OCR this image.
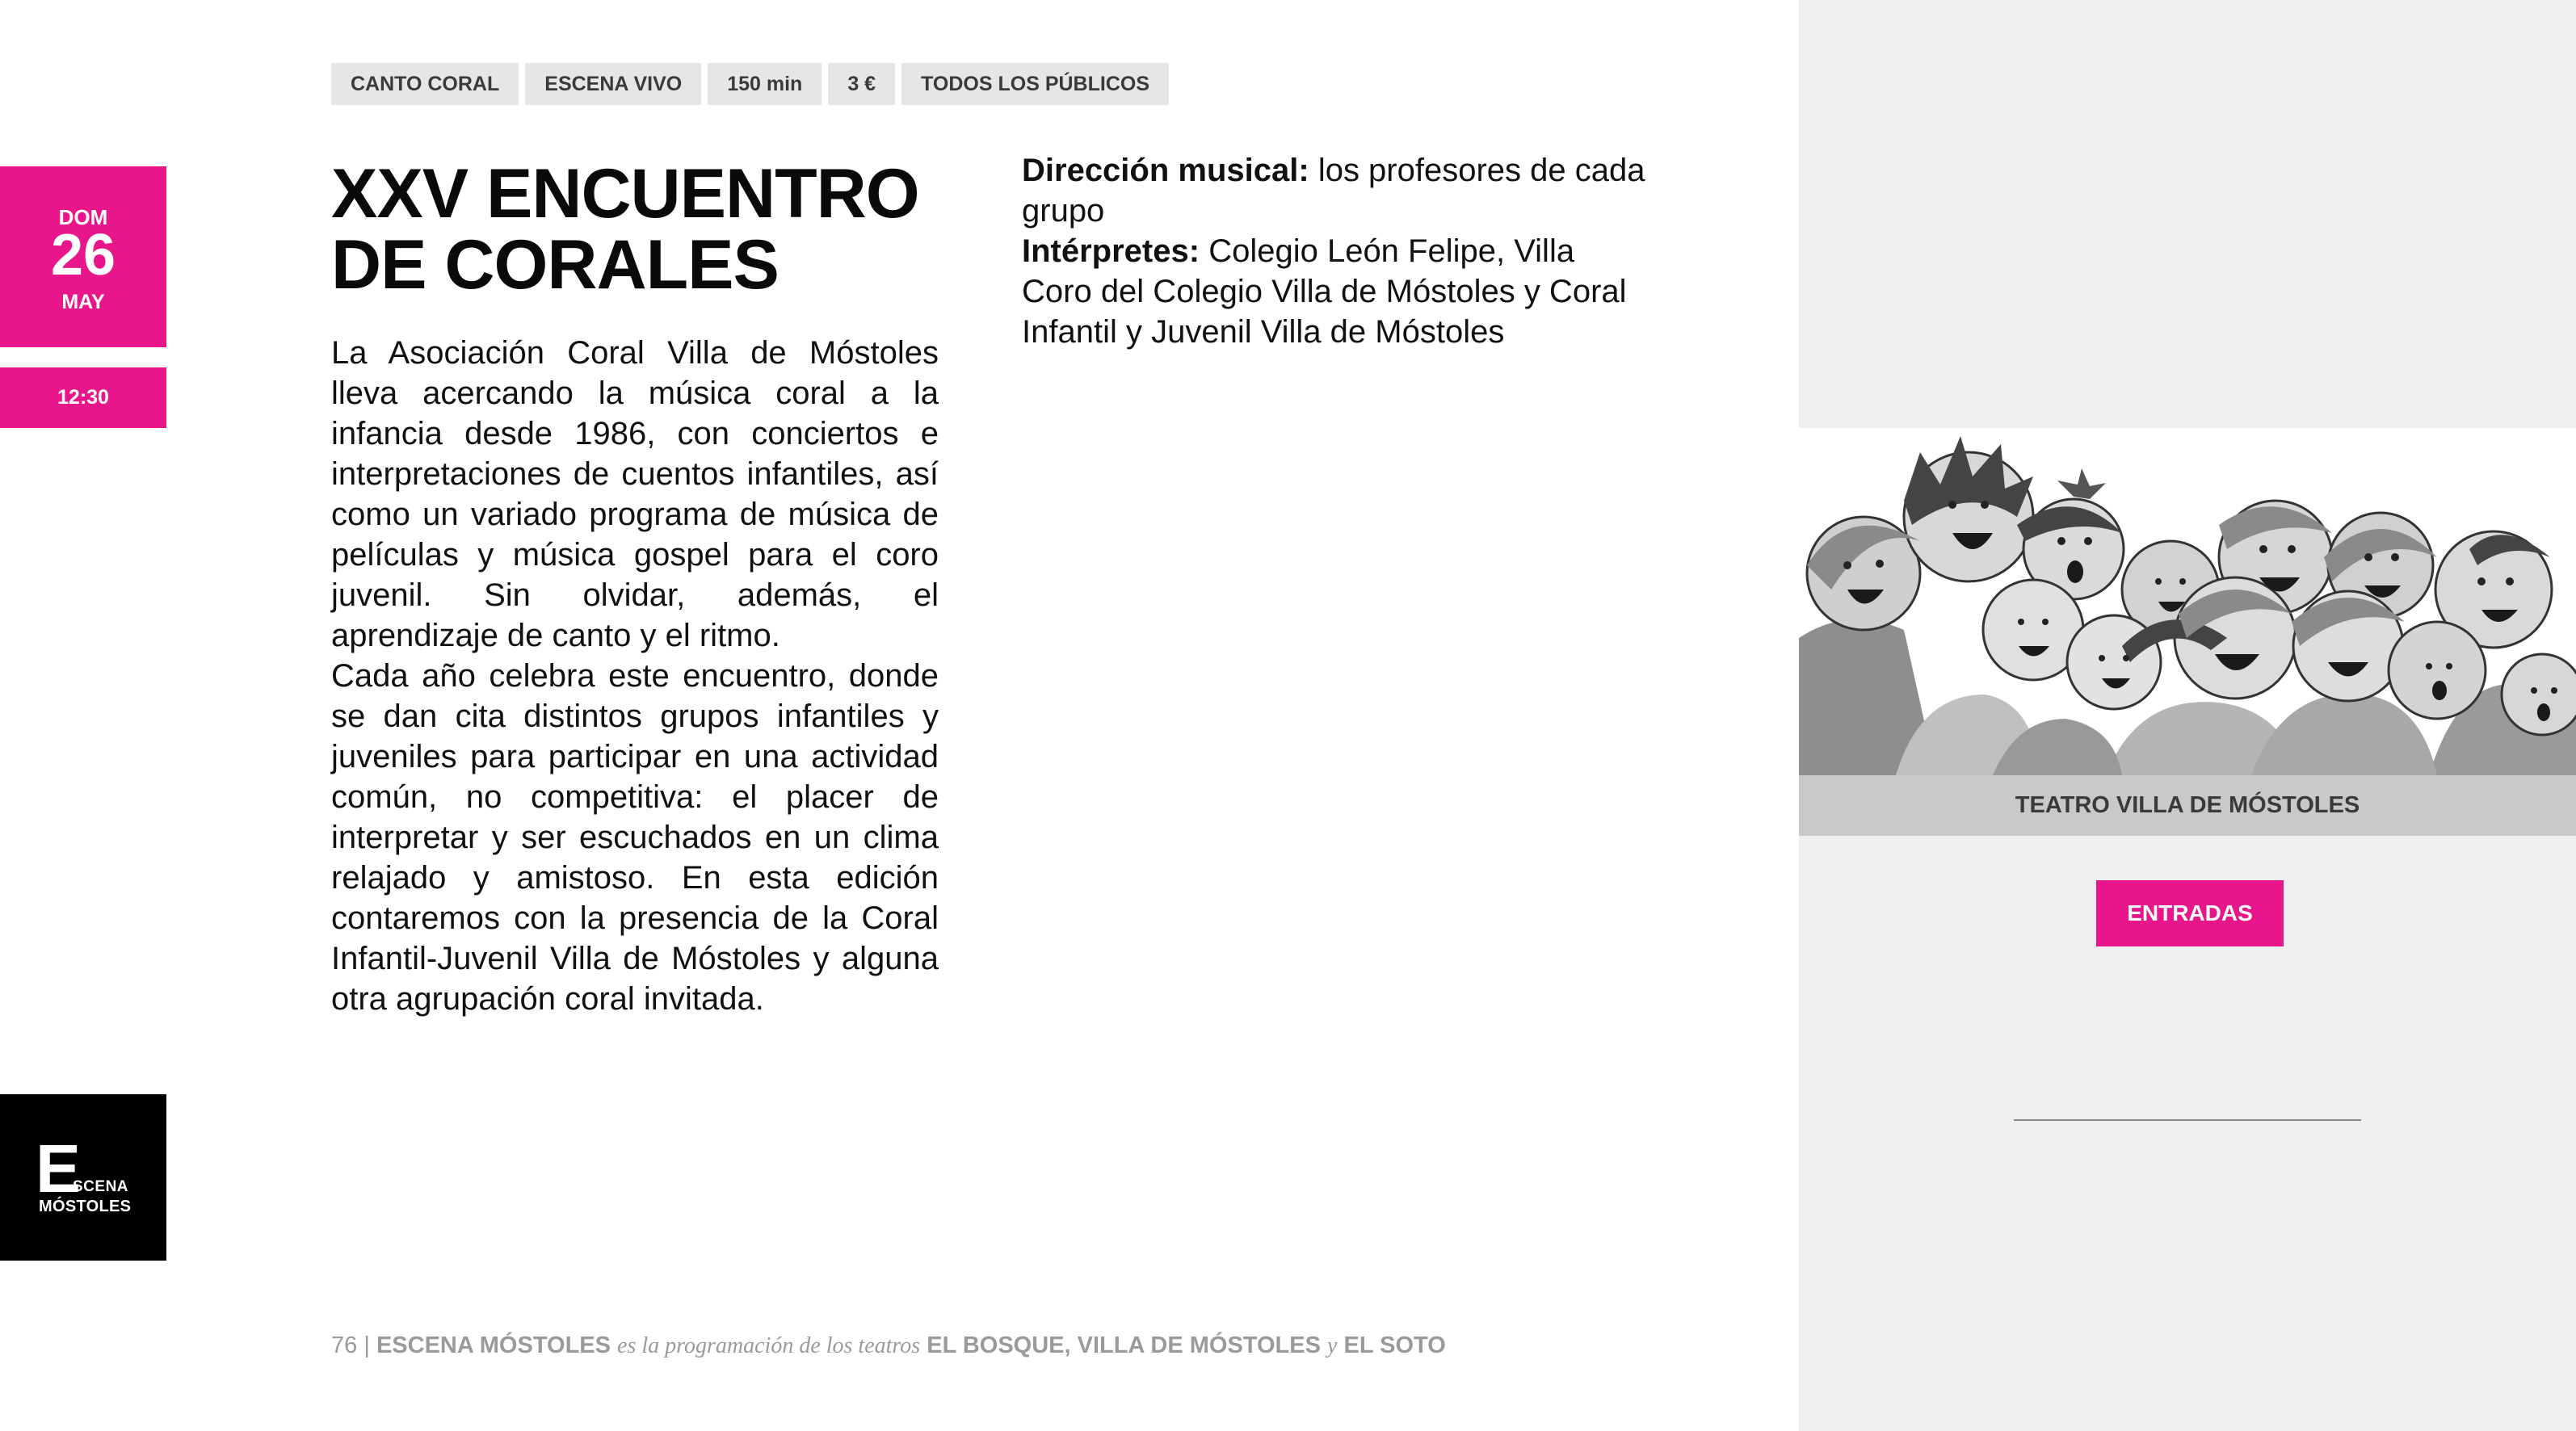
CANTO CORAL	ESCENA VIVO	150 min	3 €	TODOS LOS PÚBLICOS
DOM
26
MAY
12:30
E
SCENA
MÓSTOLES
XXV ENCUENTRO
DE CORALES

La Asociación Coral Villa de Móstoles lleva acercando la música coral a la infancia desde 1986, con conciertos e interpretaciones de cuentos infantiles, así como un variado programa de música de películas y música gospel para el coro juvenil. Sin olvidar, además, el aprendizaje de canto y el ritmo.

Cada año celebra este encuentro, donde se dan cita distintos grupos infantiles y juveniles para participar en una actividad común, no competitiva: el placer de interpretar y ser escuchados en un clima relajado y amistoso. En esta edición contaremos con la presencia de la Coral Infantil-Juvenil Villa de Móstoles y alguna otra agrupación coral invitada.

Dirección musical: los profesores de cada grupo
Intérpretes: Colegio León Felipe, Villa Coro del Colegio Villa de Móstoles y Coral Infantil y Juvenil Villa de Móstoles
TEATRO VILLA DE MÓSTOLES
ENTRADAS
76 | ESCENA MÓSTOLES es la programación de los teatros EL BOSQUE, VILLA DE MÓSTOLES y EL SOTO
